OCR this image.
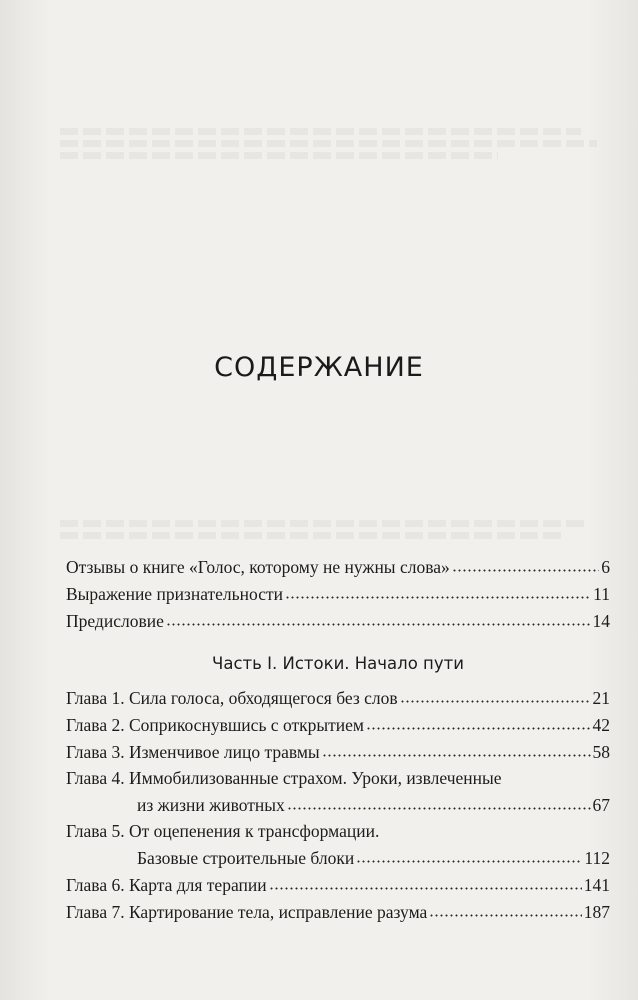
СОДЕРЖАНИЕ
Отзывы о книге «Голос, которому не нужны слова»	6
Выражение признательности	11
Предисловие	14
Часть I. Истоки. Начало пути
Глава 1. Сила голоса, обходящегося без слов	21
Глава 2. Соприкоснувшись с открытием	42
Глава 3. Изменчивое лицо травмы	58
Глава 4. Иммобилизованные страхом. Уроки, извлеченные
из жизни животных	67
Глава 5. От оцепенения к трансформации.
Базовые строительные блоки	112
Глава 6. Карта для терапии	141
Глава 7. Картирование тела, исправление разума	187
